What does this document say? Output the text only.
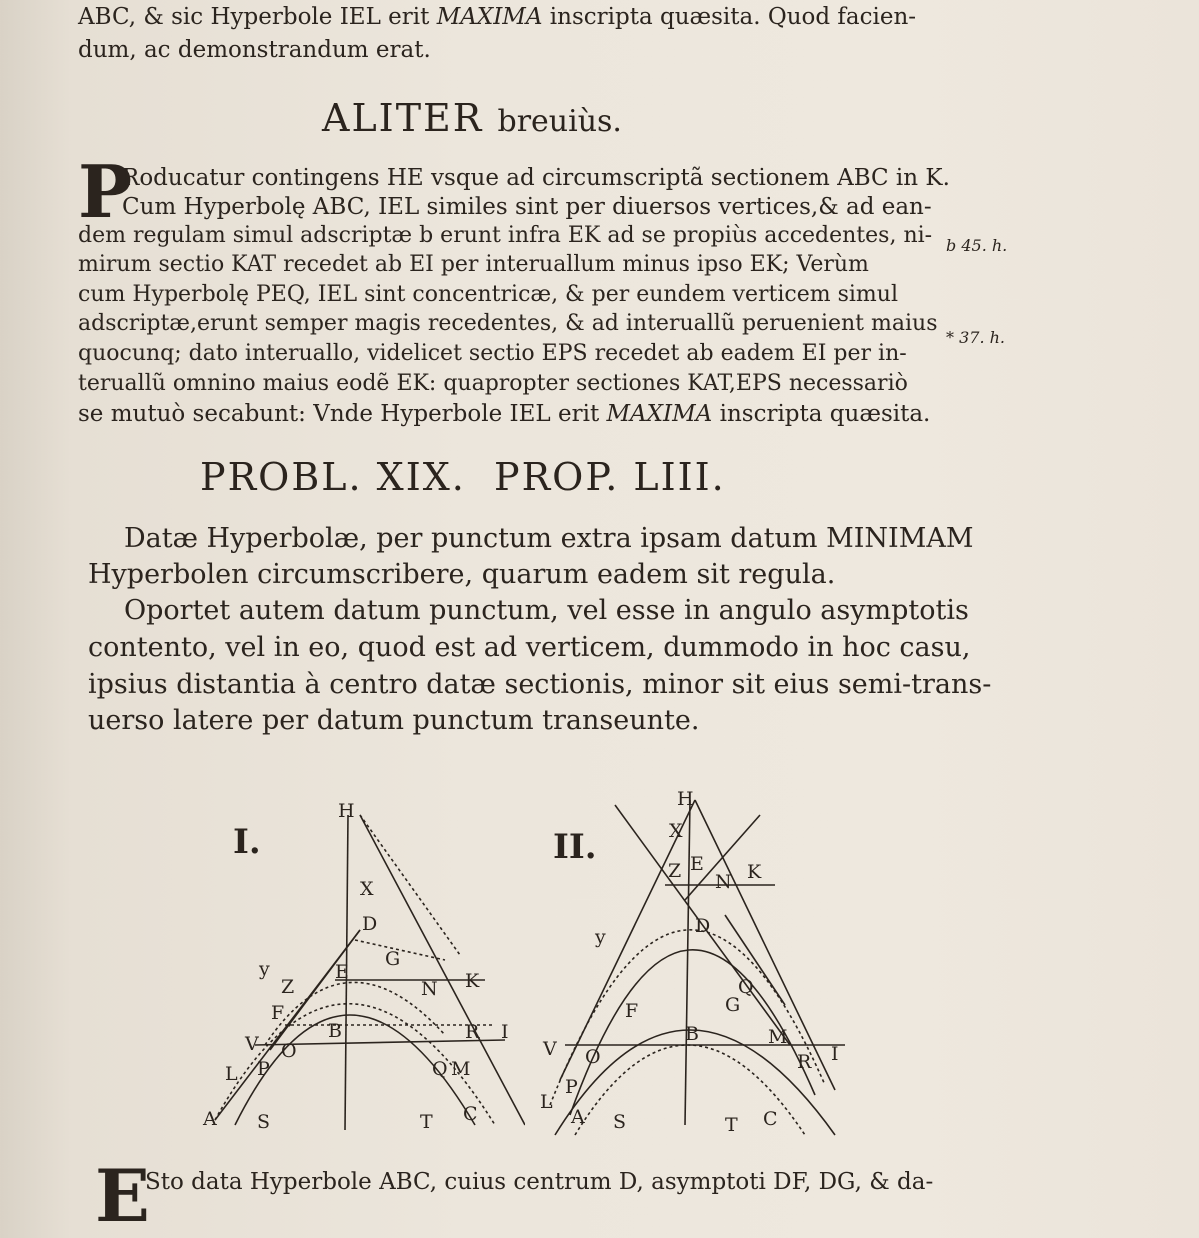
ABC, & sic Hyperbole IEL erit MAXIMA inscripta quæsita. Quod facien-
dum, ac demonstrandum erat.
ALITER breuiùs.
P
Roducatur contingens HE vsque ad circumscriptã sectionem ABC in K.
Cum Hyperbolę ABC, IEL similes sint per diuersos vertices,& ad ean-
dem regulam simul adscriptæ b erunt infra EK ad se propiùs accedentes, ni-
mirum sectio KAT recedet ab EI per interuallum minus ipso EK; Verùm
cum Hyperbolę PEQ, IEL sint concentricæ, & per eundem verticem simul
adscriptæ,erunt semper magis recedentes, & ad interuallũ peruenient maius
quocunq; dato interuallo, videlicet sectio EPS recedet ab eadem EI per in-
teruallũ omnino maius eodẽ EK: quapropter sectiones KAT,EPS necessariò
se mutuò secabunt: Vnde Hyperbole IEL erit MAXIMA inscripta quæsita.
b 45. h.
* 37. h.
PROBL. XIX.  PROP. LIII.
Datæ Hyperbolæ, per punctum extra ipsam datum MINIMAM
Hyperbolen circumscribere, quarum eadem sit regula.
Oportet autem datum punctum, vel esse in angulo asymptotis
contento, vel in eo, quod est ad verticem, dummodo in hoc casu,
ipsius distantia à centro datæ sectionis, minor sit eius semi-trans-
uerso latere per datum punctum transeunte.
I.
H
X
D
G
y	E
N K
Z
F
B	R I
V O
L P	Q M
A S	T C
II.
H
X
Z E K
N
D
y
Q
G
F
B	M
V O	R I
P
L
A S	T C
E
Sto data Hyperbole ABC, cuius centrum D, asymptoti DF, DG, & da-
